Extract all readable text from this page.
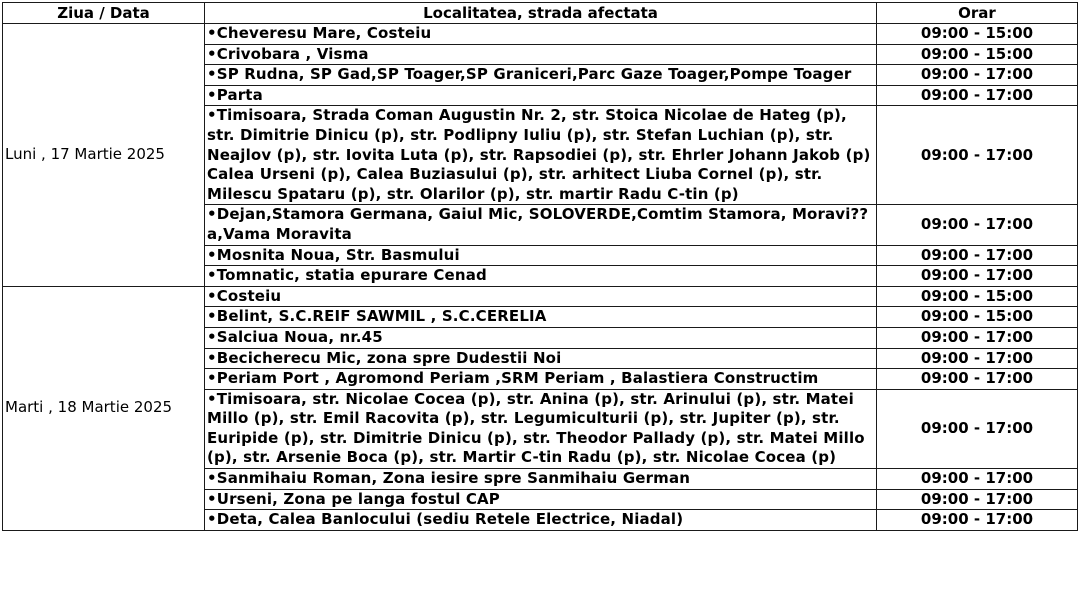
Ziua / Data	Localitatea, strada afectata	Orar
Luni , 17 Martie 2025	• Cheveresu Mare, Costeiu	09:00 - 15:00
	• Crivobara , Visma	09:00 - 15:00
	• SP Rudna, SP Gad,SP Toager,SP Graniceri,Parc Gaze Toager,Pompe Toager	09:00 - 17:00
	• Parta	09:00 - 17:00
	• Timisoara, Strada Coman Augustin Nr. 2, str. Stoica Nicolae de Hateg (p), str. Dimitrie Dinicu (p), str. Podlipny Iuliu (p), str. Stefan Luchian (p), str. Neajlov (p), str. Iovita Luta (p), str. Rapsodiei (p), str. Ehrler Johann Jakob (p) Calea Urseni (p), Calea Buziasului (p), str. arhitect Liuba Cornel (p), str. Milescu Spataru (p), str. Olarilor (p), str. martir Radu C-tin (p)	09:00 - 17:00
	• Dejan,Stamora Germana, Gaiul Mic, SOLOVERDE,Comtim Stamora, Moravi??a,Vama Moravita	09:00 - 17:00
	• Mosnita Noua, Str. Basmului	09:00 - 17:00
	• Tomnatic, statia epurare Cenad	09:00 - 17:00
Marti , 18 Martie 2025	• Costeiu	09:00 - 15:00
	• Belint, S.C.REIF SAWMIL , S.C.CERELIA	09:00 - 15:00
	• Salciua Noua, nr.45	09:00 - 17:00
	• Becicherecu Mic, zona spre Dudestii Noi	09:00 - 17:00
	• Periam Port , Agromond Periam ,SRM Periam , Balastiera Constructim	09:00 - 17:00
	• Timisoara, str. Nicolae Cocea (p), str. Anina (p), str. Arinului (p), str. Matei Millo (p), str. Emil Racovita (p), str. Legumiculturii (p), str. Jupiter (p), str. Euripide (p), str. Dimitrie Dinicu (p), str. Theodor Pallady (p), str. Matei Millo (p), str. Arsenie Boca (p), str. Martir C-tin Radu (p), str. Nicolae Cocea (p)	09:00 - 17:00
	• Sanmihaiu Roman, Zona iesire spre Sanmihaiu German	09:00 - 17:00
	• Urseni, Zona pe langa fostul CAP	09:00 - 17:00
	• Deta, Calea Banlocului (sediu Retele Electrice, Niadal)	09:00 - 17:00
